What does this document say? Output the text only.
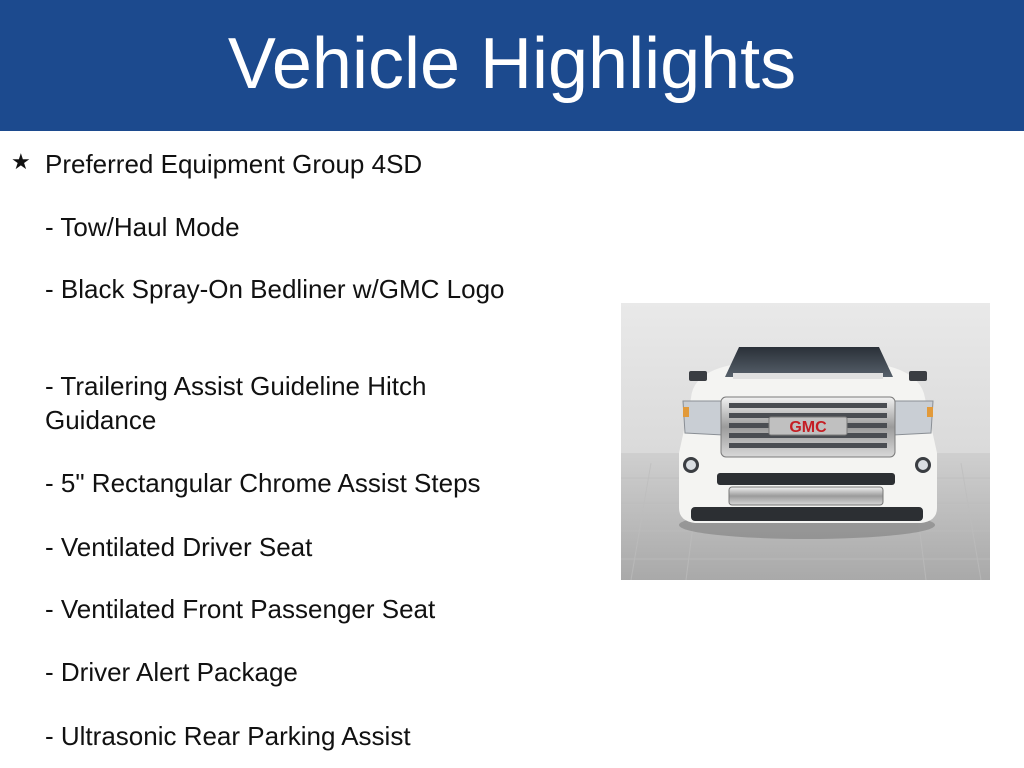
Vehicle Highlights
★ Preferred Equipment Group 4SD
- Tow/Haul Mode
- Black Spray-On Bedliner w/GMC Logo
- Trailering Assist Guideline Hitch Guidance
- 5" Rectangular Chrome Assist Steps
- Ventilated Driver Seat
- Ventilated Front Passenger Seat
- Driver Alert Package
- Ultrasonic Rear Parking Assist
GMC
